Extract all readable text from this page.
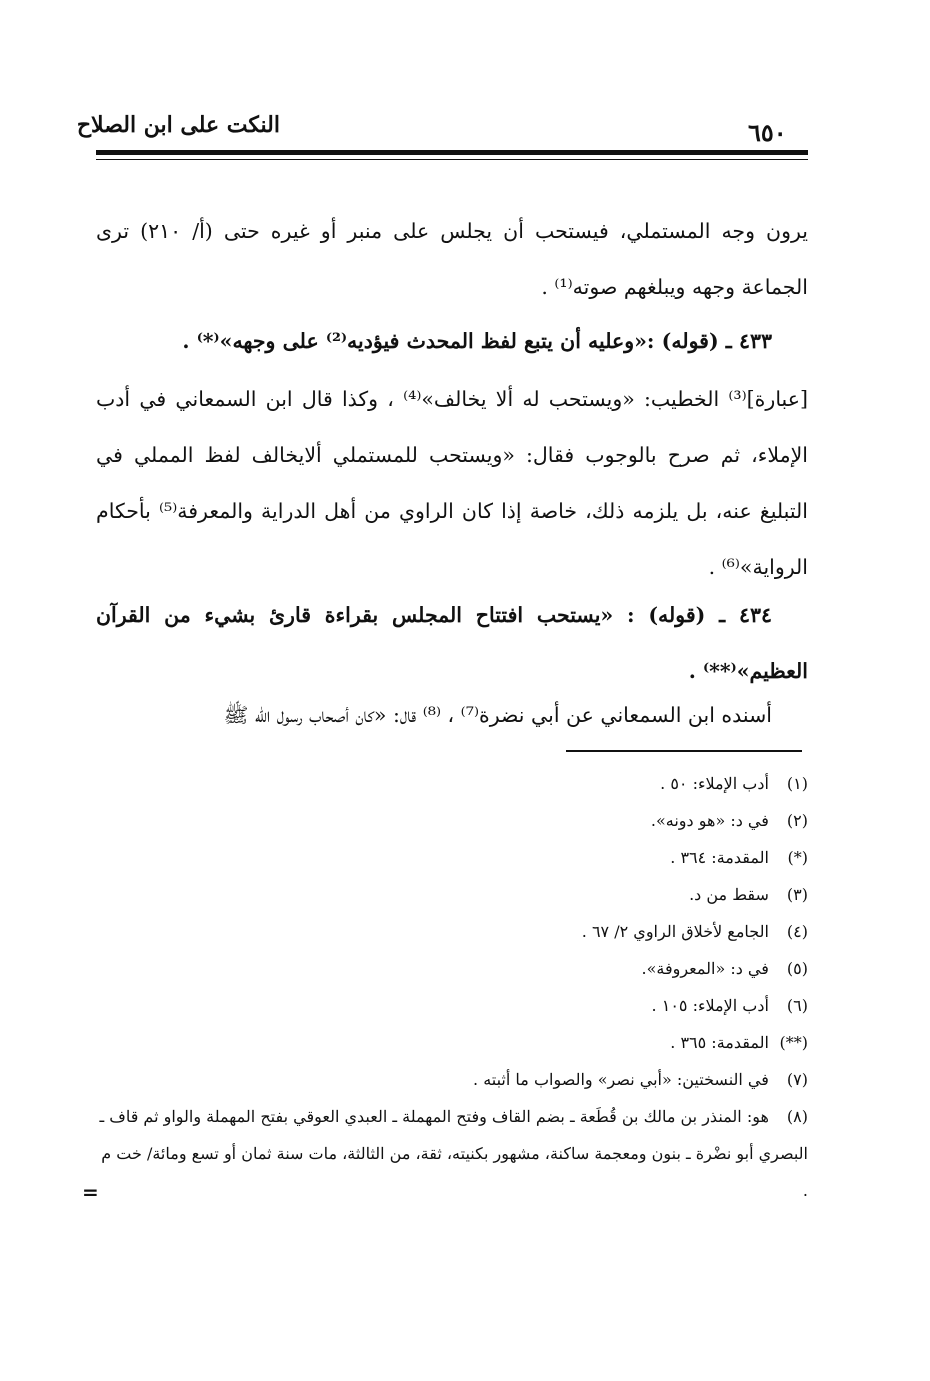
النكت على ابن الصلاح	٦٥٠

يرون وجه المستملي، فيستحب أن يجلس على منبر أو غيره حتى (أ/ ٢١٠) ترى الجماعة وجهه ويبلغهم صوته⁽¹⁾ .

٤٣٣ ـ (قوله) :«وعليه أن يتبع لفظ المحدث فيؤديه⁽²⁾ على وجهه»⁽*⁾ .

[عبارة]⁽³⁾ الخطيب: «ويستحب له ألا يخالف»⁽⁴⁾ ، وكذا قال ابن السمعاني في أدب الإملاء، ثم صرح بالوجوب فقال: «ويستحب للمستملي ألايخالف لفظ المملي في التبليغ عنه، بل يلزمه ذلك، خاصة إذا كان الراوي من أهل الدراية والمعرفة⁽⁵⁾ بأحكام الرواية»⁽⁶⁾ .

٤٣٤ ـ (قوله) : «يستحب افتتاح المجلس بقراءة قارئ بشيء من القرآن العظيم»⁽**⁾ .

أسنده ابن السمعاني عن أبي نضرة⁽⁷⁾ ، ⁽⁸⁾ قال: «كان أصحاب رسول الله ﷺ

(١) أدب الإملاء: ٥٠ .
(٢) في د: «هو دونه».
(*) المقدمة: ٣٦٤ .
(٣) سقط من د.
(٤) الجامع لأخلاق الراوي ٢/ ٦٧ .
(٥) في د: «المعروفة».
(٦) أدب الإملاء: ١٠٥ .
(**) المقدمة: ٣٦٥ .
(٧) في النسختين: «أبي نصر» والصواب ما أثبته .
(٨) هو: المنذر بن مالك بن قُطَعة ـ بضم القاف وفتح المهملة ـ العبدي العوقي بفتح المهملة والواو ثم قاف ـ البصري أبو نضْرة ـ بنون ومعجمة ساكنة، مشهور بكنيته، ثقة، من الثالثة، مات سنة ثمان أو تسع ومائة/ خت م .
=
